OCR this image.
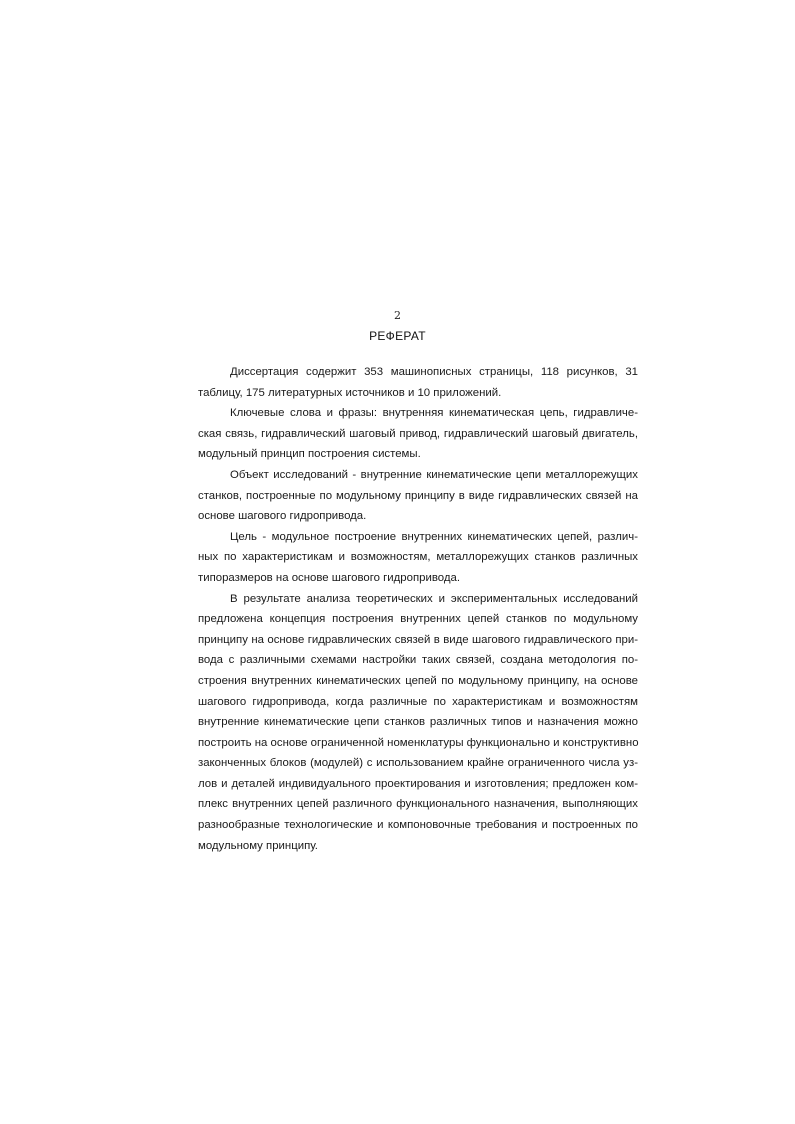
2
РЕФЕРАТ

Диссертация содержит 353 машинописных страницы, 118 рисунков, 31
таблицу, 175 литературных источников и 10 приложений.

Ключевые слова и фразы: внутренняя кинематическая цепь, гидравличе-
ская связь, гидравлический шаговый привод, гидравлический шаговый двигатель,
модульный принцип построения системы.

Объект исследований - внутренние кинематические цепи металлорежущих
станков, построенные по модульному принципу в виде гидравлических связей на
основе шагового гидропривода.

Цель - модульное построение внутренних кинематических цепей, различ-
ных по характеристикам и возможностям, металлорежущих станков различных
типоразмеров на основе шагового гидропривода.

В результате анализа теоретических и экспериментальных исследований
предложена концепция построения внутренних цепей станков по модульному
принципу на основе гидравлических связей в виде шагового гидравлического при-
вода с различными схемами настройки таких связей, создана методология по-
строения внутренних кинематических цепей по модульному принципу, на основе
шагового гидропривода, когда различные по характеристикам и возможностям
внутренние кинематические цепи станков различных типов и назначения можно
построить на основе ограниченной номенклатуры функционально и конструктивно
законченных блоков (модулей) с использованием крайне ограниченного числа уз-
лов и деталей индивидуального проектирования и изготовления; предложен ком-
плекс внутренних цепей различного функционального назначения, выполняющих
разнообразные технологические и компоновочные требования и построенных по
модульному принципу.
